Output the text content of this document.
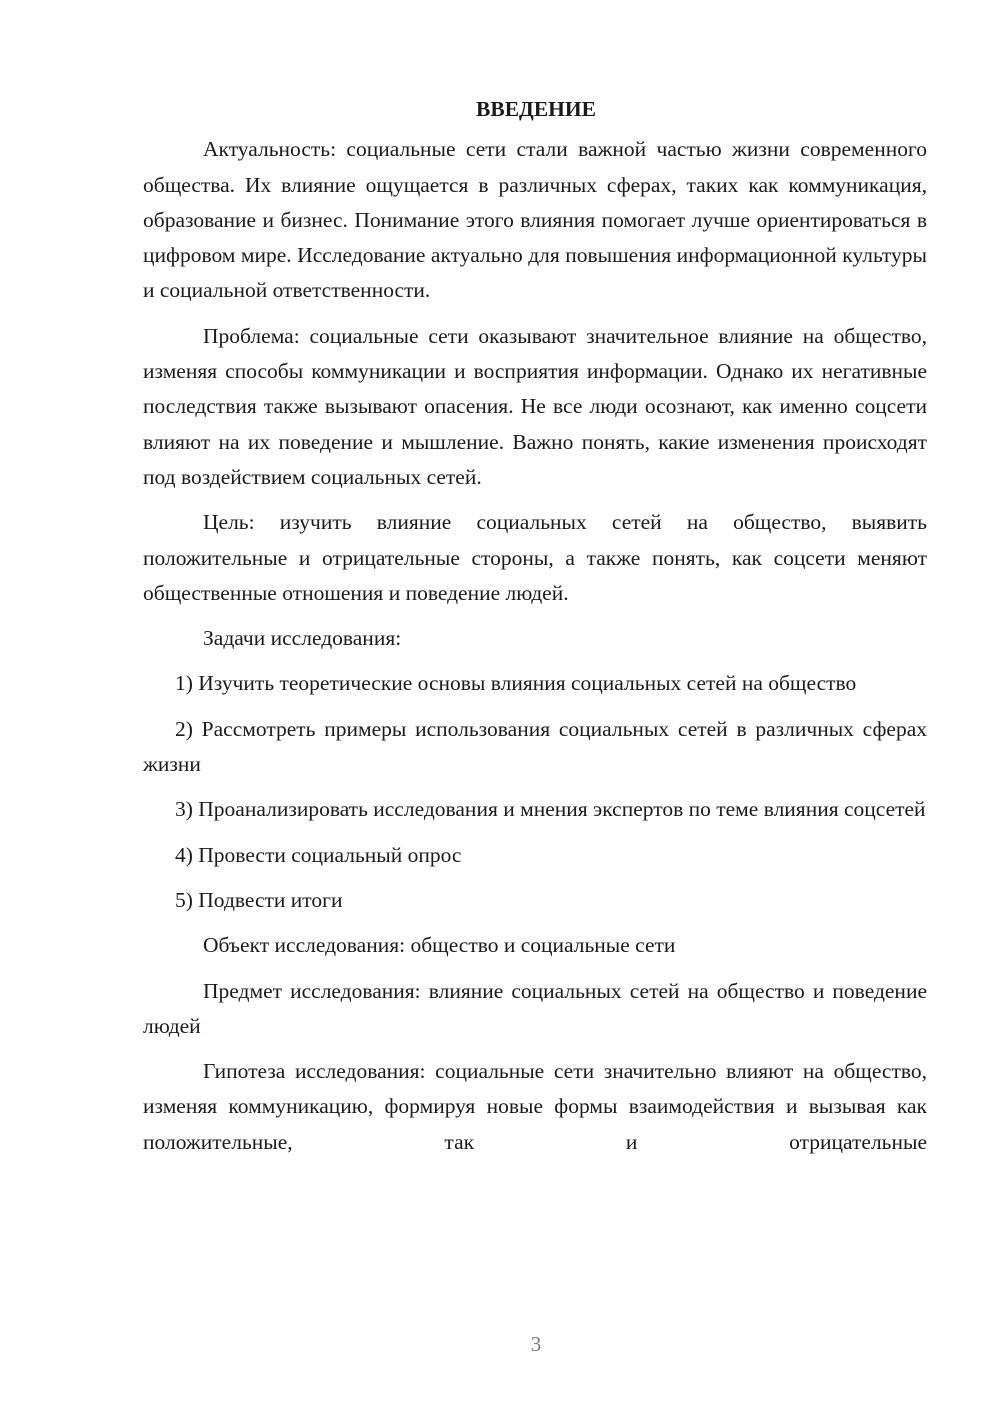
ВВЕДЕНИЕ

Актуальность: социальные сети стали важной частью жизни современного общества. Их влияние ощущается в различных сферах, таких как коммуникация, образование и бизнес. Понимание этого влияния помогает лучше ориентироваться в цифровом мире. Исследование актуально для повышения информационной культуры и социальной ответственности.

Проблема: социальные сети оказывают значительное влияние на общество, изменяя способы коммуникации и восприятия информации. Однако их негативные последствия также вызывают опасения. Не все люди осознают, как именно соцсети влияют на их поведение и мышление. Важно понять, какие изменения происходят под воздействием социальных сетей.

Цель: изучить влияние социальных сетей на общество, выявить положительные и отрицательные стороны, а также понять, как соцсети меняют общественные отношения и поведение людей.

Задачи исследования:

1) Изучить теоретические основы влияния социальных сетей на общество

2) Рассмотреть примеры использования социальных сетей в различных сферах жизни

3) Проанализировать исследования и мнения экспертов по теме влияния соцсетей

4) Провести социальный опрос

5) Подвести итоги

Объект исследования: общество и социальные сети

Предмет исследования: влияние социальных сетей на общество и поведение людей

Гипотеза исследования: социальные сети значительно влияют на общество, изменяя коммуникацию, формируя новые формы взаимодействия и вызывая как положительные, так и отрицательные

3
